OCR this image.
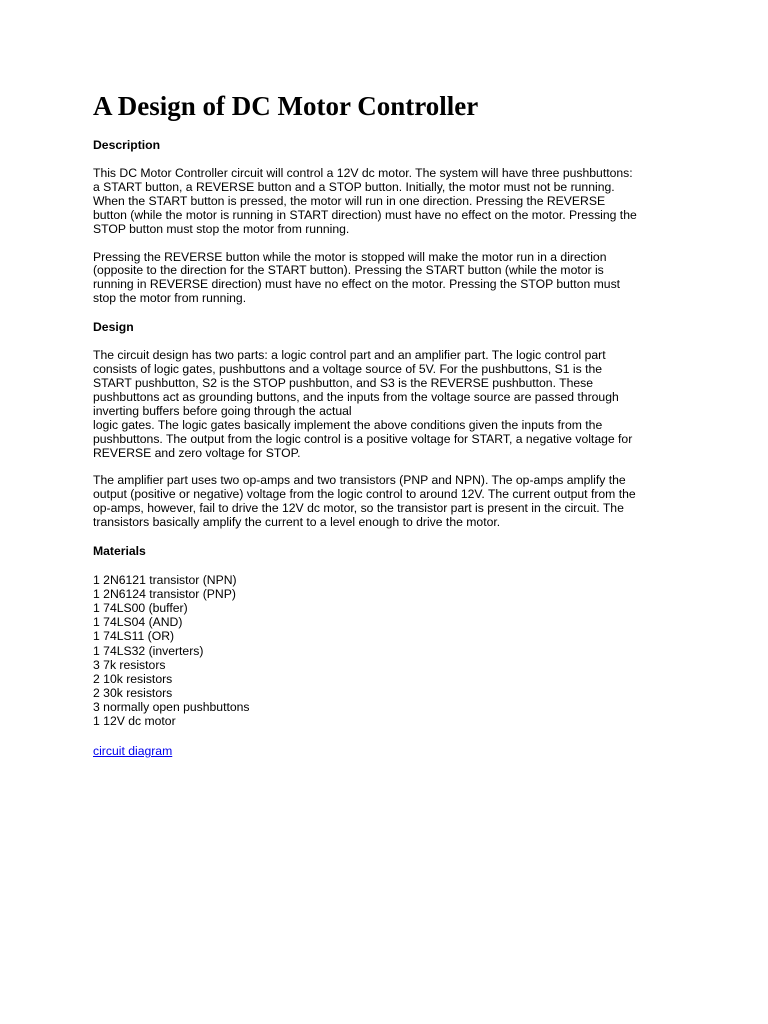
A Design of DC Motor Controller
Description

This DC Motor Controller circuit will control a 12V dc motor. The system will have three pushbuttons:
a START button, a REVERSE button and a STOP button. Initially, the motor must not be running.
When the START button is pressed, the motor will run in one direction. Pressing the REVERSE
button (while the motor is running in START direction) must have no effect on the motor. Pressing the
STOP button must stop the motor from running.

Pressing the REVERSE button while the motor is stopped will make the motor run in a direction
(opposite to the direction for the START button). Pressing the START button (while the motor is
running in REVERSE direction) must have no effect on the motor. Pressing the STOP button must
stop the motor from running.

Design

The circuit design has two parts: a logic control part and an amplifier part. The logic control part
consists of logic gates, pushbuttons and a voltage source of 5V. For the pushbuttons, S1 is the
START pushbutton, S2 is the STOP pushbutton, and S3 is the REVERSE pushbutton. These
pushbuttons act as grounding buttons, and the inputs from the voltage source are passed through
inverting buffers before going through the actual
logic gates. The logic gates basically implement the above conditions given the inputs from the
pushbuttons. The output from the logic control is a positive voltage for START, a negative voltage for
REVERSE and zero voltage for STOP.

The amplifier part uses two op-amps and two transistors (PNP and NPN). The op-amps amplify the
output (positive or negative) voltage from the logic control to around 12V. The current output from the
op-amps, however, fail to drive the 12V dc motor, so the transistor part is present in the circuit. The
transistors basically amplify the current to a level enough to drive the motor.

Materials
1 2N6121 transistor (NPN)
1 2N6124 transistor (PNP)
1 74LS00 (buffer)
1 74LS04 (AND)
1 74LS11 (OR)
1 74LS32 (inverters)
3 7k resistors
2 10k resistors
2 30k resistors
3 normally open pushbuttons
1 12V dc motor
circuit diagram
